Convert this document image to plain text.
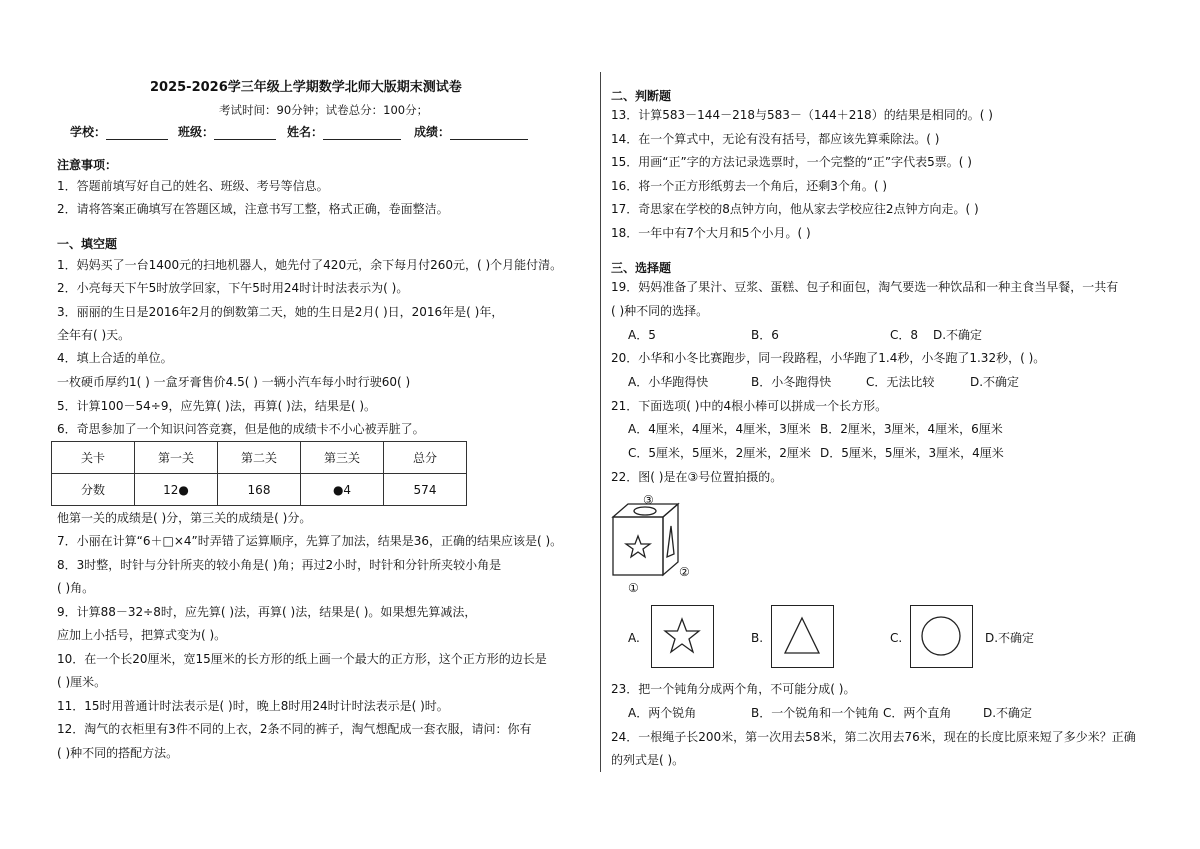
2025-2026学三年级上学期数学北师大版期末测试卷
考试时间：90分钟；试卷总分：100分；
学校：	班级：	姓名：	成绩：
注意事项：
1．答题前填写好自己的姓名、班级、考号等信息。
2．请将答案正确填写在答题区域，注意书写工整，格式正确，卷面整洁。
一、填空题
1．妈妈买了一台1400元的扫地机器人，她先付了420元，余下每月付260元，( )个月能付清。
2．小亮每天下午5时放学回家，下午5时用24时计时法表示为( )。
3．丽丽的生日是2016年2月的倒数第二天，她的生日是2月( )日，2016年是( )年，
全年有( )天。
4．填上合适的单位。
一枚硬币厚约1( ) 一盒牙膏售价4.5( ) 一辆小汽车每小时行驶60( )
5．计算100－54÷9，应先算( )法，再算( )法，结果是( )。
6．奇思参加了一个知识问答竞赛，但是他的成绩卡不小心被弄脏了。
关卡	第一关	第二关	第三关	总分
分数	12●	168	●4	574
他第一关的成绩是( )分，第三关的成绩是( )分。
7．小丽在计算“6＋□×4”时弄错了运算顺序，先算了加法，结果是36，正确的结果应该是( )。
8．3时整，时针与分针所夹的较小角是( )角；再过2小时，时针和分针所夹较小角是
( )角。
9．计算88－32÷8时，应先算( )法，再算( )法，结果是( )。如果想先算减法，
应加上小括号，把算式变为( )。
10．在一个长20厘米，宽15厘米的长方形的纸上画一个最大的正方形，这个正方形的边长是
( )厘米。
11．15时用普通计时法表示是( )时，晚上8时用24时计时法表示是( )时。
12．淘气的衣柜里有3件不同的上衣，2条不同的裤子，淘气想配成一套衣服，请问：你有
( )种不同的搭配方法。
二、判断题
13．计算583－144－218与583－（144＋218）的结果是相同的。( )
14．在一个算式中，无论有没有括号，都应该先算乘除法。( )
15．用画“正”字的方法记录选票时，一个完整的“正”字代表5票。( )
16．将一个正方形纸剪去一个角后，还剩3个角。( )
17．奇思家在学校的8点钟方向，他从家去学校应往2点钟方向走。( )
18．一年中有7个大月和5个小月。( )
三、选择题
19．妈妈准备了果汁、豆浆、蛋糕、包子和面包，淘气要选一种饮品和一种主食当早餐，一共有
( )种不同的选择。
A．5	B．6	C．8 D.不确定
20．小华和小冬比赛跑步，同一段路程，小华跑了1.4秒，小冬跑了1.32秒，( )。
A．小华跑得快	B．小冬跑得快	C．无法比较	D.不确定
21．下面选项( )中的4根小棒可以拼成一个长方形。
A．4厘米，4厘米，4厘米，3厘米 B．2厘米，3厘米，4厘米，6厘米
C．5厘米，5厘米，2厘米，2厘米 D．5厘米，5厘米，3厘米，4厘米
22．图( )是在③号位置拍摄的。
③
②
①
A.	B.	C.	D.不确定
23．把一个钝角分成两个角，不可能分成( )。
A．两个锐角	B．一个锐角和一个钝角 C．两个直角	D.不确定
24．一根绳子长200米，第一次用去58米，第二次用去76米，现在的长度比原来短了多少米？正确
的列式是( )。
